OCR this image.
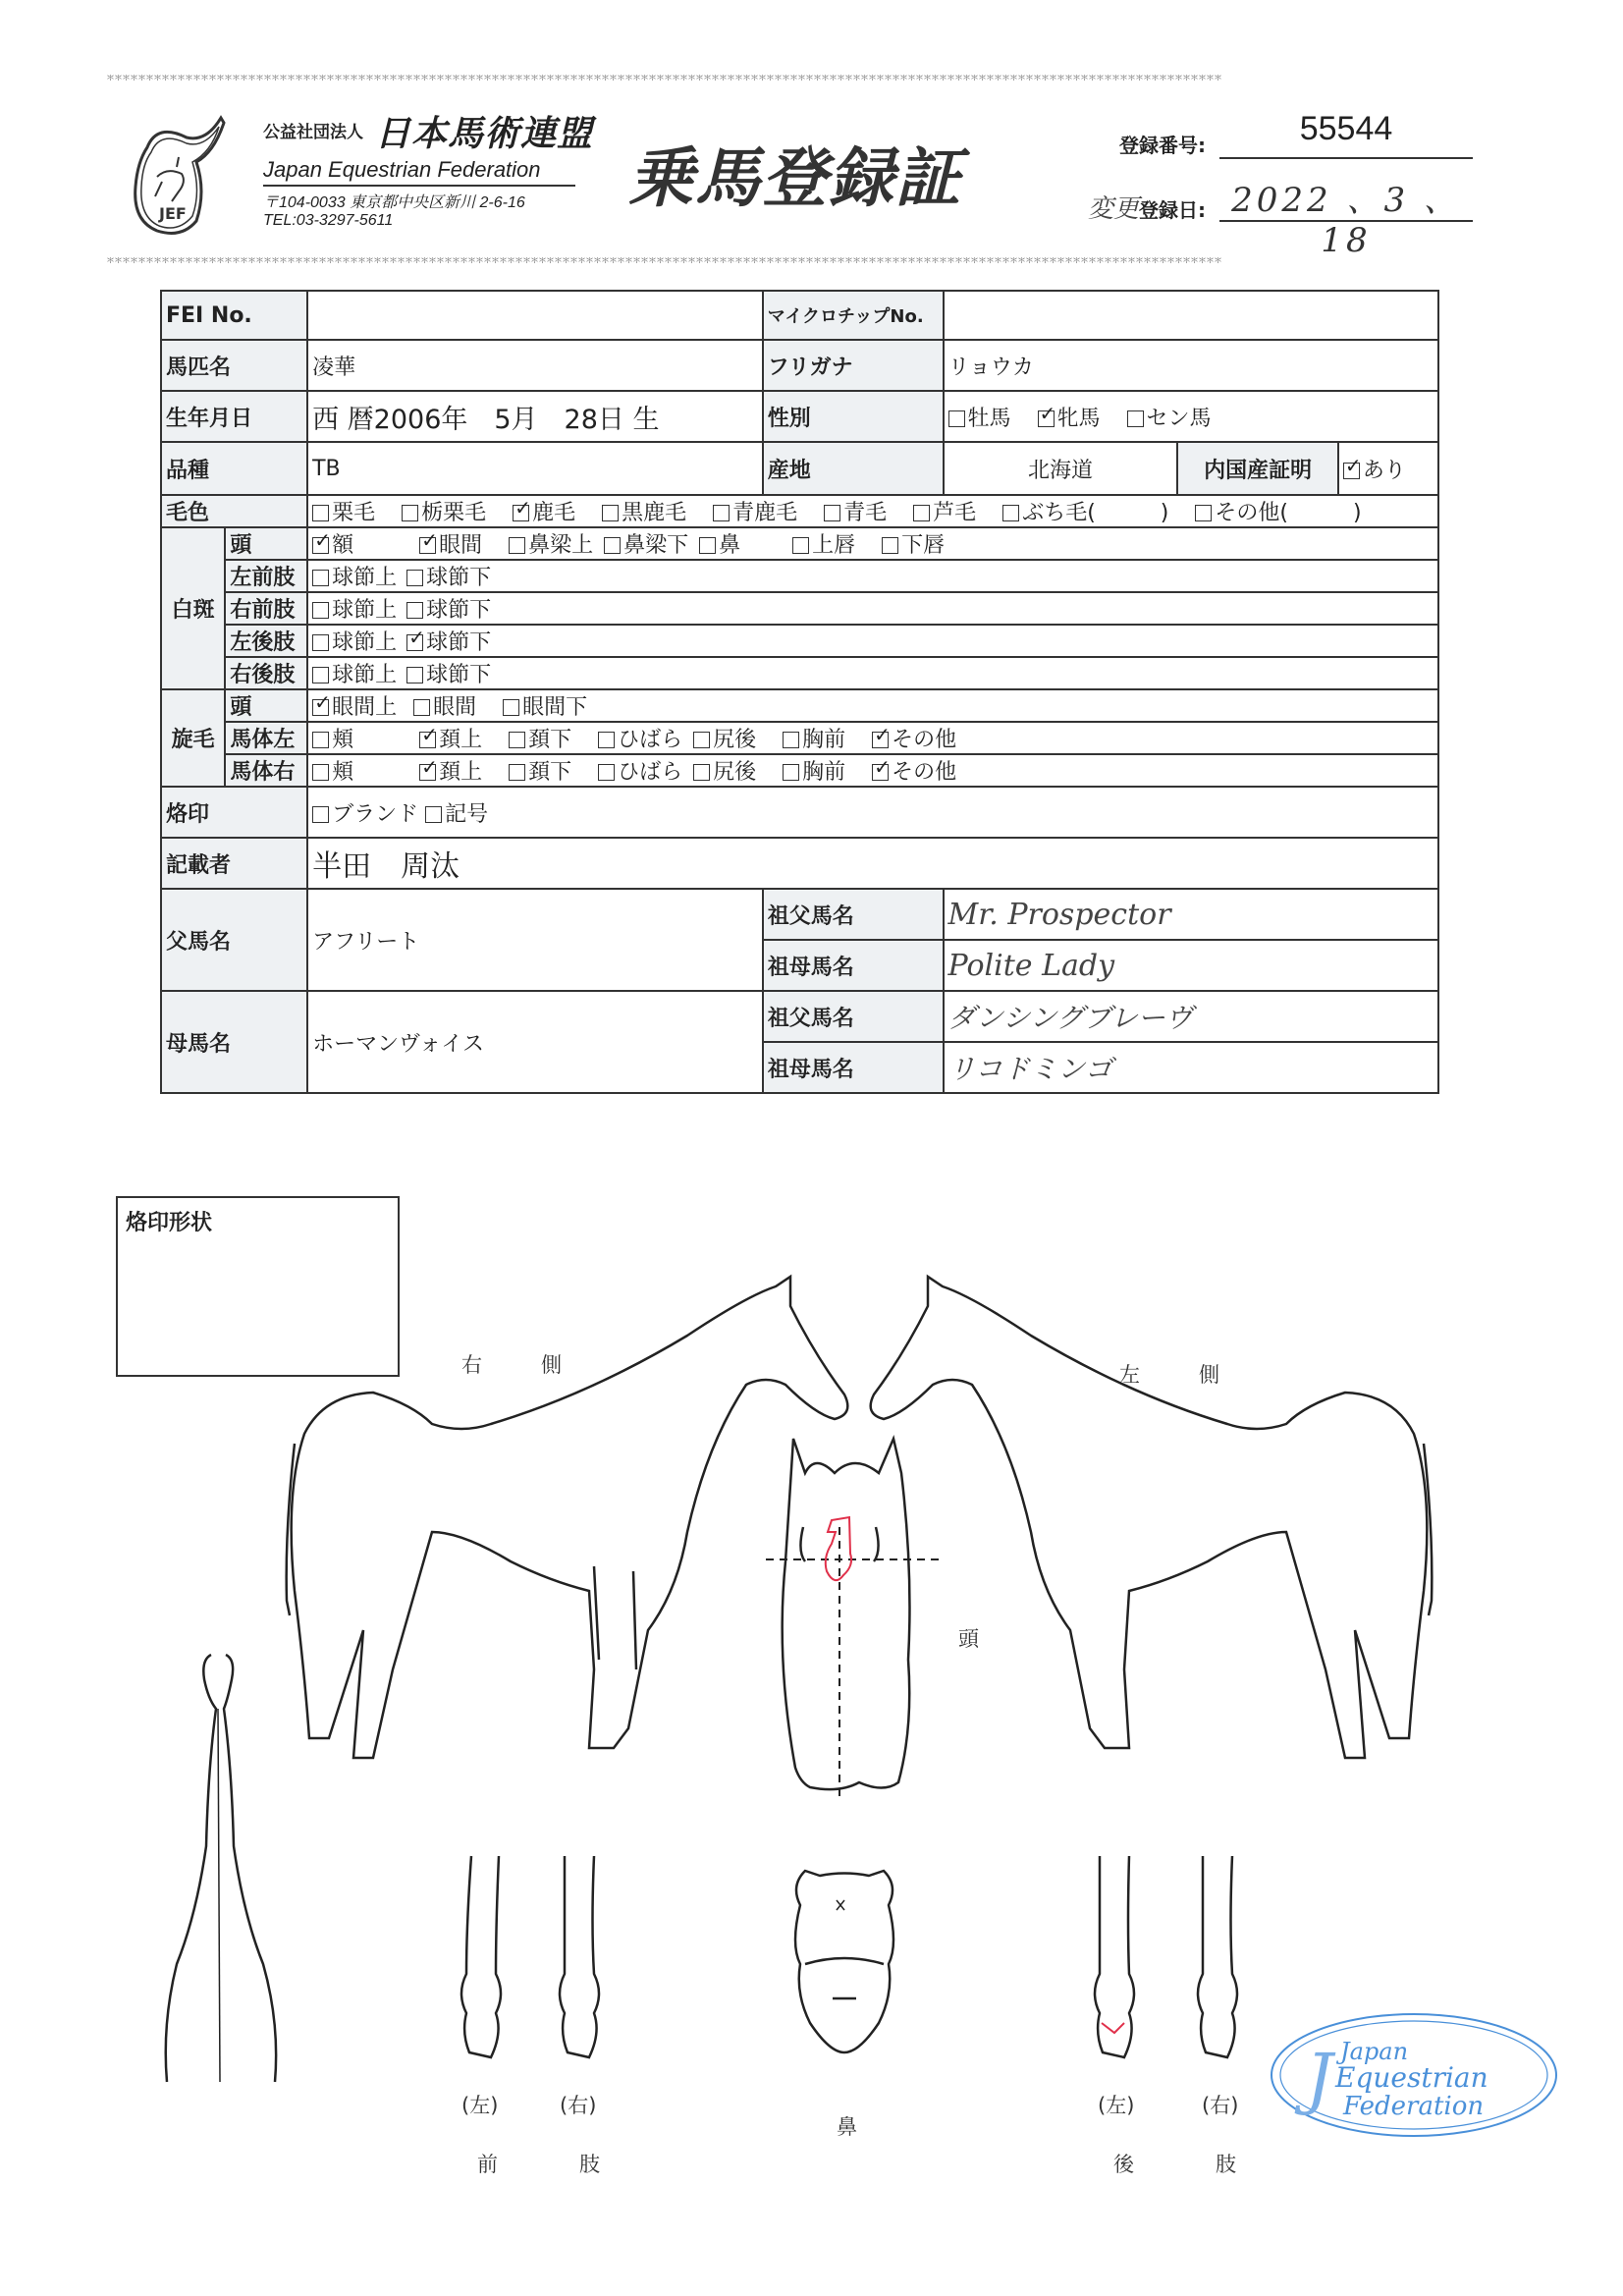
＊＊＊＊＊＊＊＊＊＊＊＊＊＊＊＊＊＊＊＊＊＊＊＊＊＊＊＊＊＊＊＊＊＊＊＊＊＊＊＊＊＊＊＊＊＊＊＊＊＊＊＊＊＊＊＊＊＊＊＊＊＊＊＊＊＊＊＊＊＊＊＊＊＊＊＊＊＊＊＊＊＊＊＊＊＊＊＊＊＊＊＊＊＊＊＊＊＊＊＊＊＊＊＊＊＊＊＊＊＊＊＊＊＊＊＊＊＊＊＊＊＊＊＊＊＊＊＊＊＊＊＊＊＊＊＊＊＊＊＊＊＊
＊＊＊＊＊＊＊＊＊＊＊＊＊＊＊＊＊＊＊＊＊＊＊＊＊＊＊＊＊＊＊＊＊＊＊＊＊＊＊＊＊＊＊＊＊＊＊＊＊＊＊＊＊＊＊＊＊＊＊＊＊＊＊＊＊＊＊＊＊＊＊＊＊＊＊＊＊＊＊＊＊＊＊＊＊＊＊＊＊＊＊＊＊＊＊＊＊＊＊＊＊＊＊＊＊＊＊＊＊＊＊＊＊＊＊＊＊＊＊＊＊＊＊＊＊＊＊＊＊＊＊＊＊＊＊＊＊＊＊＊＊＊
JEF
公益社団法人 日本馬術連盟
Japan Equestrian Federation
〒104-0033 東京都中央区新川 2-6-16
TEL:03-3297-5611
乗馬登録証	登録番号:	55544
変更登録日: 2022 、3 、18
FEI No.			マイクロチップNo.			
馬匹名		凌華	フリガナ	リョウカ		
生年月日		西 暦2006年　5月　28日 生	性別	牡馬 ✓ 牝馬 セン馬
品種		TB	産地	北海道	内国産証明	✓あり
毛色		栗毛 栃栗毛 ✓ 鹿毛 黒鹿毛 青鹿毛 青毛 芦毛 ぶち毛(　　　) その他(　　　)
白斑	頭	✓額 ✓ 眼間 鼻梁上 鼻梁下 鼻 上唇 下唇
	左前肢	球節上 球節下				
	右前肢	球節上 球節下				
	左後肢	球節上 ✓ 球節下
	右後肢	球節上 球節下				
旋毛	頭	✓眼間上 眼間 眼間下
	馬体左	頬 ✓ 頚上 頚下 ひばら 尻後 胸前 ✓ その他
	馬体右	頬 ✓ 頚上 頚下 ひばら 尻後 胸前 ✓ その他
烙印		ブランド 記号				
記載者		半田　周汰				
父馬名		アフリート	祖父馬名	Mr. Prospector		
			祖母馬名	Polite Lady		
母馬名		ホーマンヴォイス	祖父馬名	ダンシングブレーヴ		
			祖母馬名	リコドミンゴ		
烙印形状
右　　側	左　　側
頭
鼻
(左)	(右)
前	肢
(左)	(右)
後	肢
J Japan
Equestrian
Federation
